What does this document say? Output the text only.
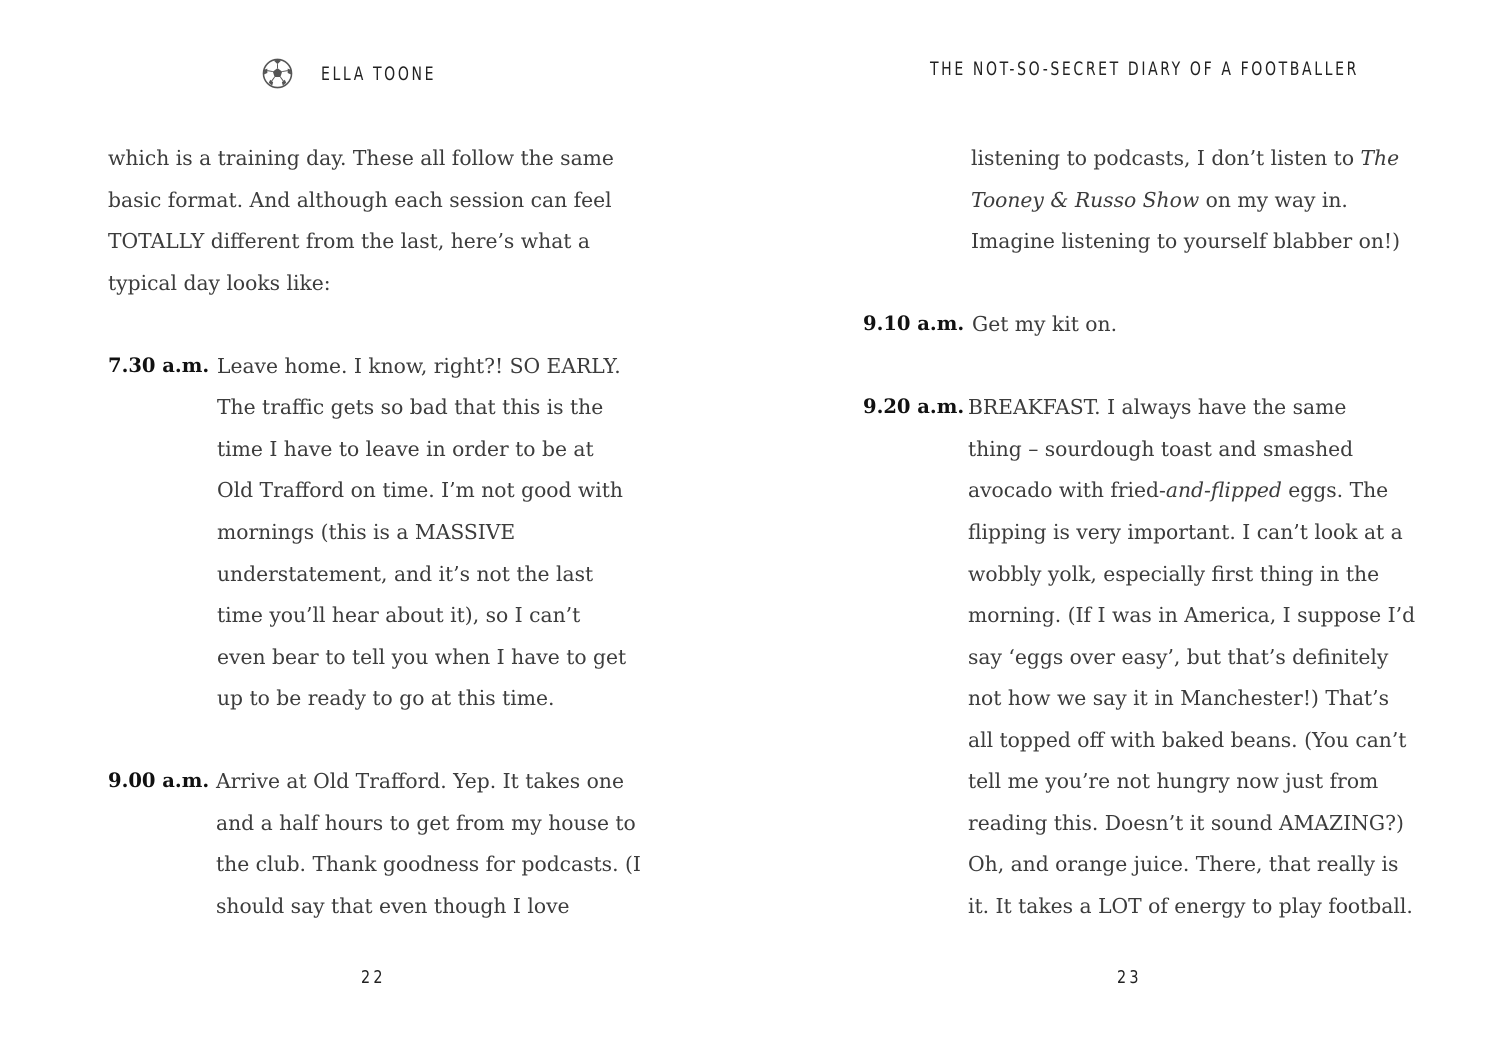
ELLA TOONE
which is a training day. These all follow the same
basic format. And although each session can feel
TOTALLY different from the last, here’s what a
typical day looks like:
7.30 a.m. Leave home. I know, right?! SO EARLY.
The traffic gets so bad that this is the
time I have to leave in order to be at
Old Trafford on time. I’m not good with
mornings (this is a MASSIVE
understatement, and it’s not the last
time you’ll hear about it), so I can’t
even bear to tell you when I have to get
up to be ready to go at this time.
9.00 a.m. Arrive at Old Trafford. Yep. It takes one
and a half hours to get from my house to
the club. Thank goodness for podcasts. (I
should say that even though I love
22
THE NOT-SO-SECRET DIARY OF A FOOTBALLER
listening to podcasts, I don’t listen to The
Tooney & Russo Show on my way in.
Imagine listening to yourself blabber on!)
9.10 a.m. Get my kit on.
9.20 a.m. BREAKFAST. I always have the same
thing – sourdough toast and smashed
avocado with fried-and-flipped eggs. The
flipping is very important. I can’t look at a
wobbly yolk, especially first thing in the
morning. (If I was in America, I suppose I’d
say ‘eggs over easy’, but that’s definitely
not how we say it in Manchester!) That’s
all topped off with baked beans. (You can’t
tell me you’re not hungry now just from
reading this. Doesn’t it sound AMAZING?)
Oh, and orange juice. There, that really is
it. It takes a LOT of energy to play football.
23
